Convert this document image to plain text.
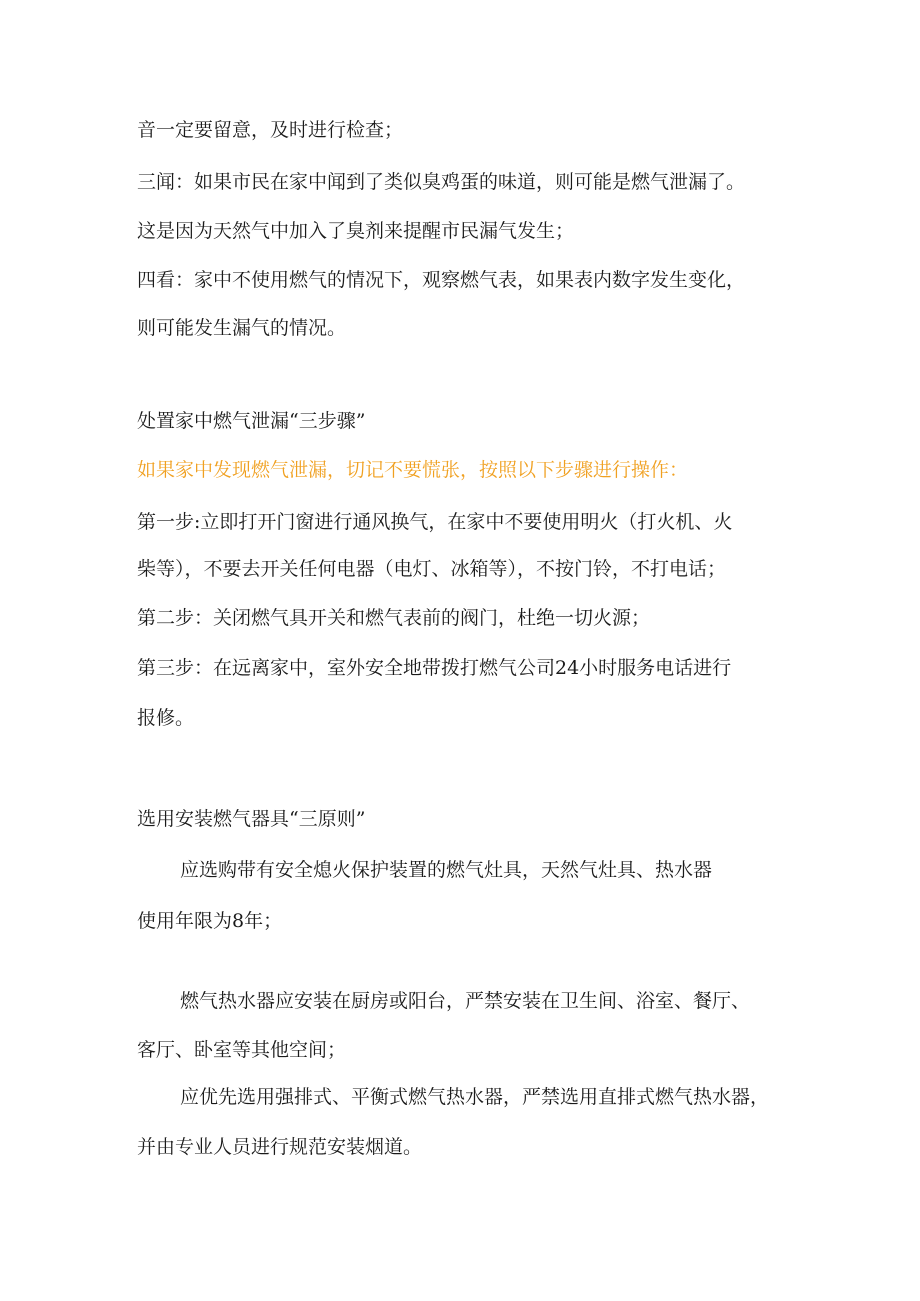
音一定要留意，及时进行检查；
三闻：如果市民在家中闻到了类似臭鸡蛋的味道，则可能是燃气泄漏了。
这是因为天然气中加入了臭剂来提醒市民漏气发生；
四看：家中不使用燃气的情况下，观察燃气表，如果表内数字发生变化，
则可能发生漏气的情况。
处置家中燃气泄漏“三步骤”
如果家中发现燃气泄漏，切记不要慌张，按照以下步骤进行操作：
第一步:立即打开门窗进行通风换气，在家中不要使用明火（打火机、火
柴等），不要去开关任何电器（电灯、冰箱等），不按门铃，不打电话；
第二步：关闭燃气具开关和燃气表前的阀门，杜绝一切火源；
第三步：在远离家中，室外安全地带拨打燃气公司24小时服务电话进行
报修。
选用安装燃气器具“三原则”
应选购带有安全熄火保护装置的燃气灶具，天然气灶具、热水器
使用年限为8年；
燃气热水器应安装在厨房或阳台，严禁安装在卫生间、浴室、餐厅、
客厅、卧室等其他空间；
应优先选用强排式、平衡式燃气热水器，严禁选用直排式燃气热水器，
并由专业人员进行规范安装烟道。
